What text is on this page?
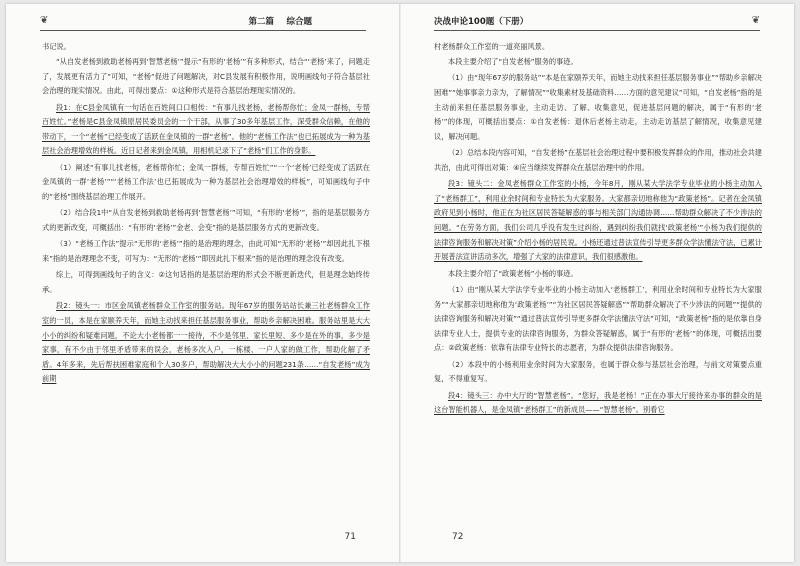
❦	第二篇 综合题

书记说。

“从自发老杨到救助老杨再到‘智慧老杨’”提示“有形的‘老杨’”有多种形式，结合“‘老杨’来了，问题走了，发展更有活力了”可知，“老杨”促进了问题解决，对C县发展有积极作用，说明画线句子符合基层社会治理的现实情况。由此，可得出要点：①这种形式是符合基层治理现实情况的。

段1：在C县金凤镇有一句话在百姓间口口相传：“有事儿找老杨，老杨帮你忙；金凤一群杨，专帮百姓忙。”老杨是C县金凤镇原居民委员会的一个干部，从事了30多年基层工作，深受群众信赖，在他的带动下，一个“老杨”已经变成了活跃在金凤镇的一群“老杨”。他的“老杨工作法”也已拓展成为一种为基层社会治理增效的样板。近日记者来到金凤镇，用相机记录下了“老杨”们工作的身影。

（1）阐述“有事儿找老杨，老杨帮你忙；金凤一群杨，专帮百姓忙”“一个‘老杨’已经变成了活跃在金凤镇的一群‘老杨’”“‘老杨工作法’也已拓展成为一种为基层社会治理增效的样板”，可知画线句子中的“老杨”围绕基层治理工作展开。

（2）结合段1中“从自发老杨到救助老杨再到‘智慧老杨’”可知，“有形的‘老杨’”，指的是基层服务方式的更新改变，可概括出：“有形的‘老杨’”金老、会变”指的是基层服务方式的更新改变。

（3）“老杨工作法”提示“无形的‘老杨’”指的是治理的理念，由此可知“无形的‘老杨’”却因此扎下根来”指的是治理理念不变，可写为：“无形的‘老杨’”即因此扎下根来”指的是治理的理念没有改变。

综上，可得到画线句子的含义：②这句话指的是基层治理的形式会不断更新迭代，但是理念始终传承。

段2：镜头一：市区金凤镇老杨群众工作室的服务站。现年67岁的服务站站长兼三社老杨群众工作室的一员，本是在家颐养天年，而她主动找来担任基层服务事业，帮助乡亲解决困难。服务站里是大大小小的纠纷和疑难问题，不论大小老杨都一一接待，不少是邻里、家长里短、多少是在外的事，多少是家事，有不少由于邻里矛盾带来的误会，老杨多次入户，一栋楼、一户人家的做工作，帮助化解了矛盾。4年多来，先后帮扶困难家庭和个人30多户，帮助解决大大小小的问题231条……“自发老杨”成为前期

71
决战申论100题（下册）	❦

村老杨群众工作室的一道亮丽风景。

本段主要介绍了“自发老杨”服务的事迹。

（1）由“现年67岁的服务站”“本是在家颐养天年，而她主动找来担任基层服务事业”“帮助乡亲解决困难”“她事事亲力亲为，了解情况”“收集素材及基础资料……方面的意见建议”可知，“自发老杨”指的是主动前来担任基层服务事业，主动走访、了解、收集意见，促进基层问题的解决，属于“有形的‘老杨’”的体现，可概括出要点：①自发老杨：退休后老杨主动走，主动走访基层了解情况，收集意见建议，解决问题。

（2）总结本段内容可知，“自发老杨”在基层社会治理过程中要积极发挥群众的作用，推动社会共建共治，由此可得出对策：④应当继续发挥群众在基层治理中的作用。

段3：镜头二：金凤老杨群众工作室的小杨，今年8月，刚从某大学法学专业毕业的小杨主动加入了“老杨群工”，利用业余时间和专业特长为大家服务。大家都亲切地称他为“政策老杨”。记者在金凤镇政府见到小杨时，他正在为社区居民答疑解惑的事与相关部门沟通协调……帮助群众解决了不少涉法的问题。“在劳务方面，我们公司几乎没有发生过纠纷，遇到纠纷我们就找‘政策老杨’”小杨为我们提供的法律咨询服务和解决对策”介绍小杨的居民说。小杨还通过普法宣传引导更多群众学法懂法守法，已累计开展普法宣讲活动多次，增强了大家的法律意识，我们很感激他。

本段主要介绍了“政策老杨”小杨的事迹。

（1）由“刚从某大学法学专业毕业的小杨主动加入‘老杨群工’，利用业余时间和专业特长为大家服务”“大家都亲切地称他为‘政策老杨’”“为社区居民答疑解惑”“帮助群众解决了不少涉法的问题”“提供的法律咨询服务和解决对策”“通过普法宣传引导更多群众学法懂法守法”可知，“政策老杨”指的是依靠自身法律专业人士，提供专业的法律咨询服务，为群众答疑解惑，属于“有形的‘老杨’”的体现，可概括出要点：②政策老杨：依靠有法律专业特长的志愿者，为群众提供法律咨询服务。

（2）本段中的小杨利用业余时间为大家服务，也属于群众参与基层社会治理，与前文对策要点重复，不得重复写。

段4：镜头三：办中大厅的“智慧老杨”。“您好，我是老杨！”正在办事大厅接待来办事的群众的是这台智能机器人，是金凤镇“老杨群工”的新成员——“智慧老杨”。别看它

72
